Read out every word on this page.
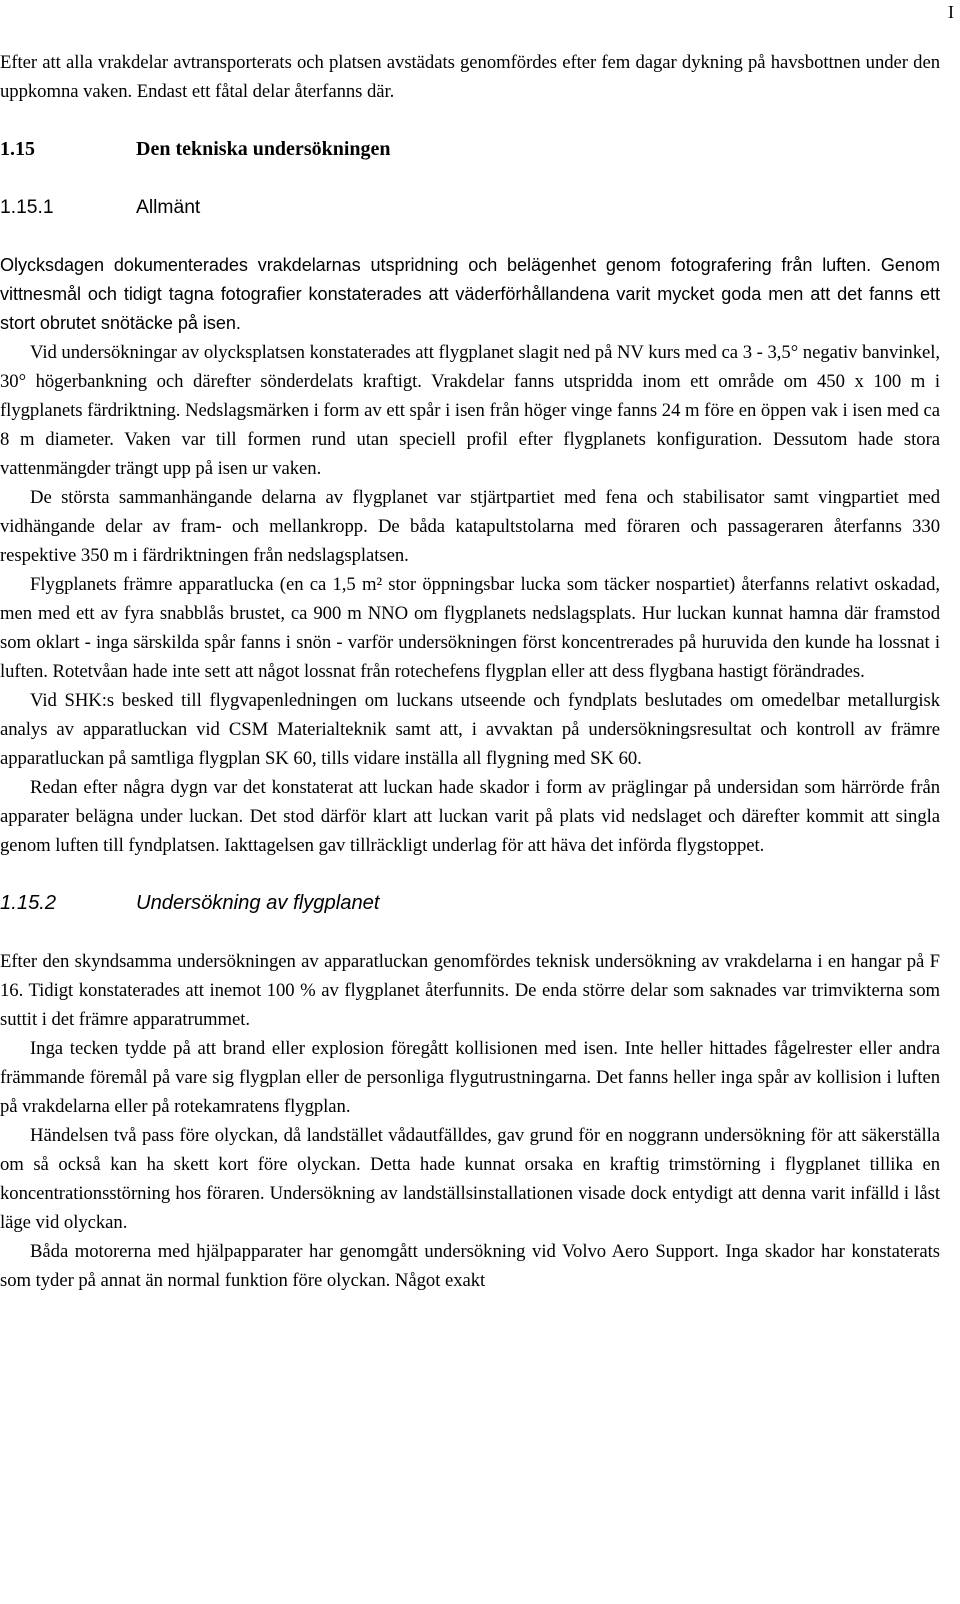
I

Efter att alla vrakdelar avtransporterats och platsen avstädats genomfördes efter fem dagar dykning på havsbottnen under den uppkomna vaken. Endast ett fåtal delar återfanns där.

1.15	Den tekniska undersökningen
1.15.1	Allmänt

Olycksdagen dokumenterades vrakdelarnas utspridning och belägenhet genom fotografering från luften. Genom vittnesmål och tidigt tagna fotografier konstaterades att väderförhållandena varit mycket goda men att det fanns ett stort obrutet snötäcke på isen.

Vid undersökningar av olycksplatsen konstaterades att flygplanet slagit ned på NV kurs med ca 3 - 3,5° negativ banvinkel, 30° högerbankning och därefter sönderdelats kraftigt. Vrakdelar fanns utspridda inom ett område om 450 x 100 m i flygplanets färdriktning. Nedslagsmärken i form av ett spår i isen från höger vinge fanns 24 m före en öppen vak i isen med ca 8 m diameter. Vaken var till formen rund utan speciell profil efter flygplanets konfiguration. Dessutom hade stora vattenmängder trängt upp på isen ur vaken.

De största sammanhängande delarna av flygplanet var stjärtpartiet med fena och stabilisator samt vingpartiet med vidhängande delar av fram- och mellankropp. De båda katapultstolarna med föraren och passageraren återfanns 330 respektive 350 m i färdriktningen från nedslagsplatsen.

Flygplanets främre apparatlucka (en ca 1,5 m² stor öppningsbar lucka som täcker nospartiet) återfanns relativt oskadad, men med ett av fyra snabblås brustet, ca 900 m NNO om flygplanets nedslagsplats. Hur luckan kunnat hamna där framstod som oklart - inga särskilda spår fanns i snön - varför undersökningen först koncentrerades på huruvida den kunde ha lossnat i luften. Rotetvåan hade inte sett att något lossnat från rotechefens flygplan eller att dess flygbana hastigt förändrades.

Vid SHK:s besked till flygvapenledningen om luckans utseende och fyndplats beslutades om omedelbar metallurgisk analys av apparatluckan vid CSM Materialteknik samt att, i avvaktan på undersökningsresultat och kontroll av främre apparatluckan på samtliga flygplan SK 60, tills vidare inställa all flygning med SK 60.

Redan efter några dygn var det konstaterat att luckan hade skador i form av präglingar på undersidan som härrörde från apparater belägna under luckan. Det stod därför klart att luckan varit på plats vid nedslaget och därefter kommit att singla genom luften till fyndplatsen. Iakttagelsen gav tillräckligt underlag för att häva det införda flygstoppet.

1.15.2	Undersökning av flygplanet

Efter den skyndsamma undersökningen av apparatluckan genomfördes teknisk undersökning av vrakdelarna i en hangar på F 16. Tidigt konstaterades att inemot 100 % av flygplanet återfunnits. De enda större delar som saknades var trimvikterna som suttit i det främre apparatrummet.

Inga tecken tydde på att brand eller explosion föregått kollisionen med isen. Inte heller hittades fågelrester eller andra främmande föremål på vare sig flygplan eller de personliga flygutrustningarna. Det fanns heller inga spår av kollision i luften på vrakdelarna eller på rotekamratens flygplan.

Händelsen två pass före olyckan, då landstället vådautfälldes, gav grund för en noggrann undersökning för att säkerställa om så också kan ha skett kort före olyckan. Detta hade kunnat orsaka en kraftig trimstörning i flygplanet tillika en koncentrationsstörning hos föraren. Undersökning av landställsinstallationen visade dock entydigt att denna varit infälld i låst läge vid olyckan.

Båda motorerna med hjälpapparater har genomgått undersökning vid Volvo Aero Support. Inga skador har konstaterats som tyder på annat än normal funktion före olyckan. Något exakt
